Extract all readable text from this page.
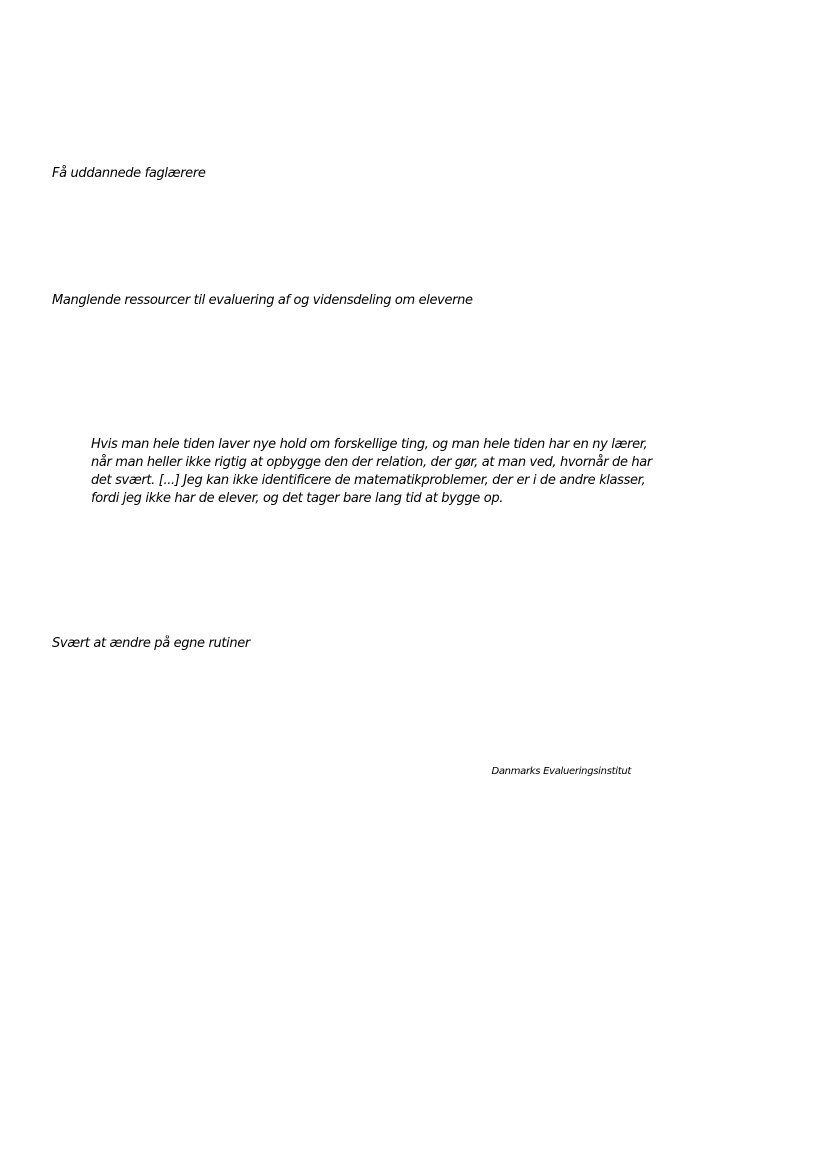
Få uddannede faglærere
Manglende ressourcer til evaluering af og vidensdeling om eleverne
Hvis man hele tiden laver nye hold om forskellige ting, og man hele tiden har en ny lærer,
når man heller ikke rigtig at opbygge den der relation, der gør, at man ved, hvornår de har
det svært. [...] Jeg kan ikke identificere de matematikproblemer, der er i de andre klasser,
fordi jeg ikke har de elever, og det tager bare lang tid at bygge op.
Svært at ændre på egne rutiner
Danmarks Evalueringsinstitut
